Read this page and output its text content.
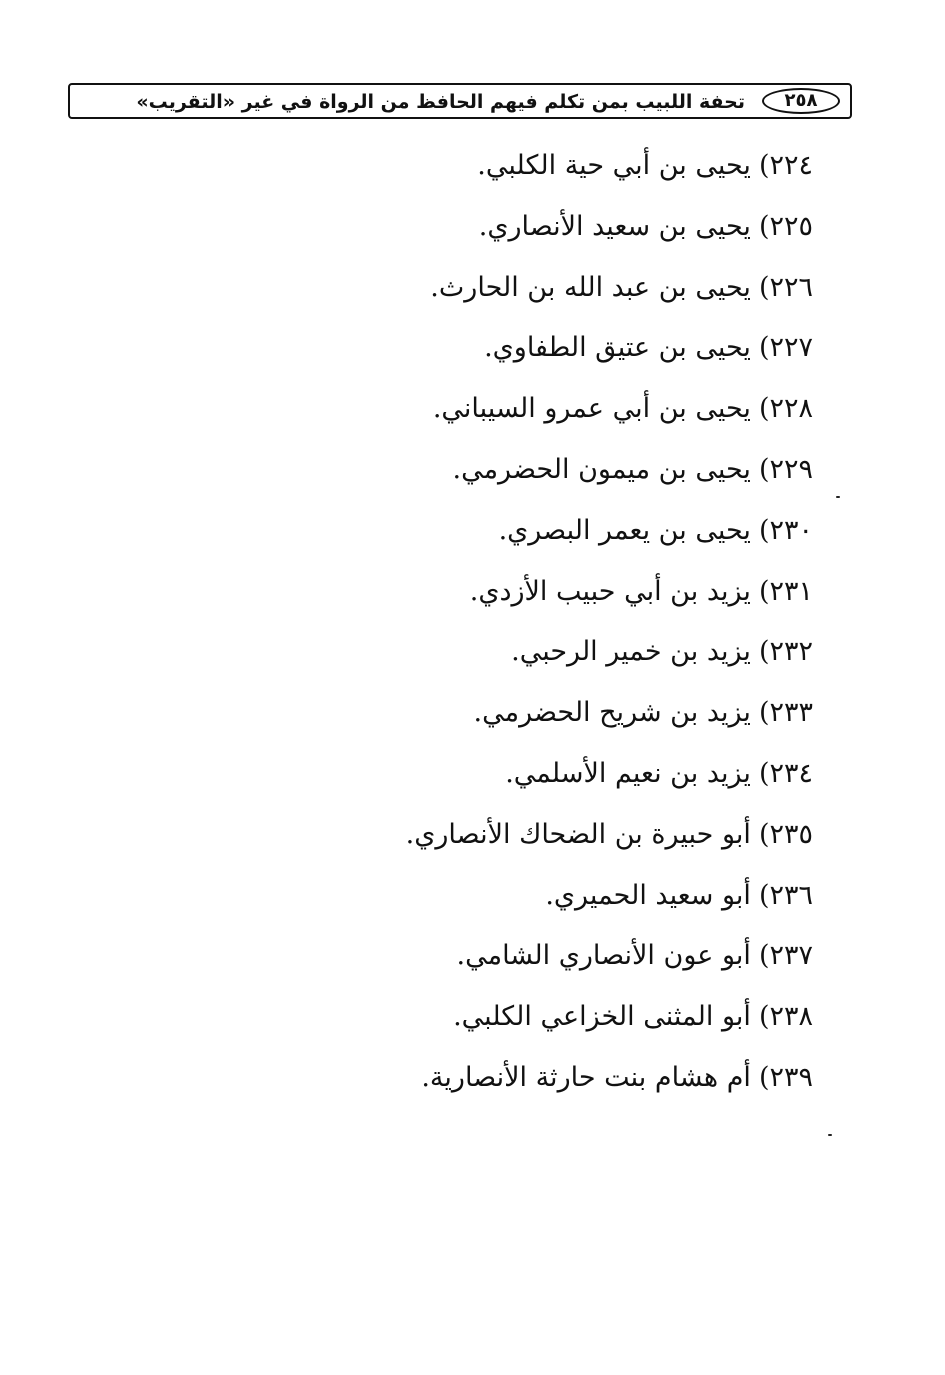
تحفة اللبيب بمن تكلم فيهم الحافظ من الرواة في غير «التقريب»	٢٥٨
٢٢٤)يحيى بن أبي حية الكلبي.
٢٢٥)يحيى بن سعيد الأنصاري.
٢٢٦)يحيى بن عبد الله بن الحارث.
٢٢٧)يحيى بن عتيق الطفاوي.
٢٢٨)يحيى بن أبي عمرو السيباني.
٢٢٩)يحيى بن ميمون الحضرمي.
٢٣٠)يحيى بن يعمر البصري.
٢٣١)يزيد بن أبي حبيب الأزدي.
٢٣٢)يزيد بن خمير الرحبي.
٢٣٣)يزيد بن شريح الحضرمي.
٢٣٤)يزيد بن نعيم الأسلمي.
٢٣٥)أبو حبيرة بن الضحاك الأنصاري.
٢٣٦)أبو سعيد الحميري.
٢٣٧)أبو عون الأنصاري الشامي.
٢٣٨)أبو المثنى الخزاعي الكلبي.
٢٣٩)أم هشام بنت حارثة الأنصارية.
